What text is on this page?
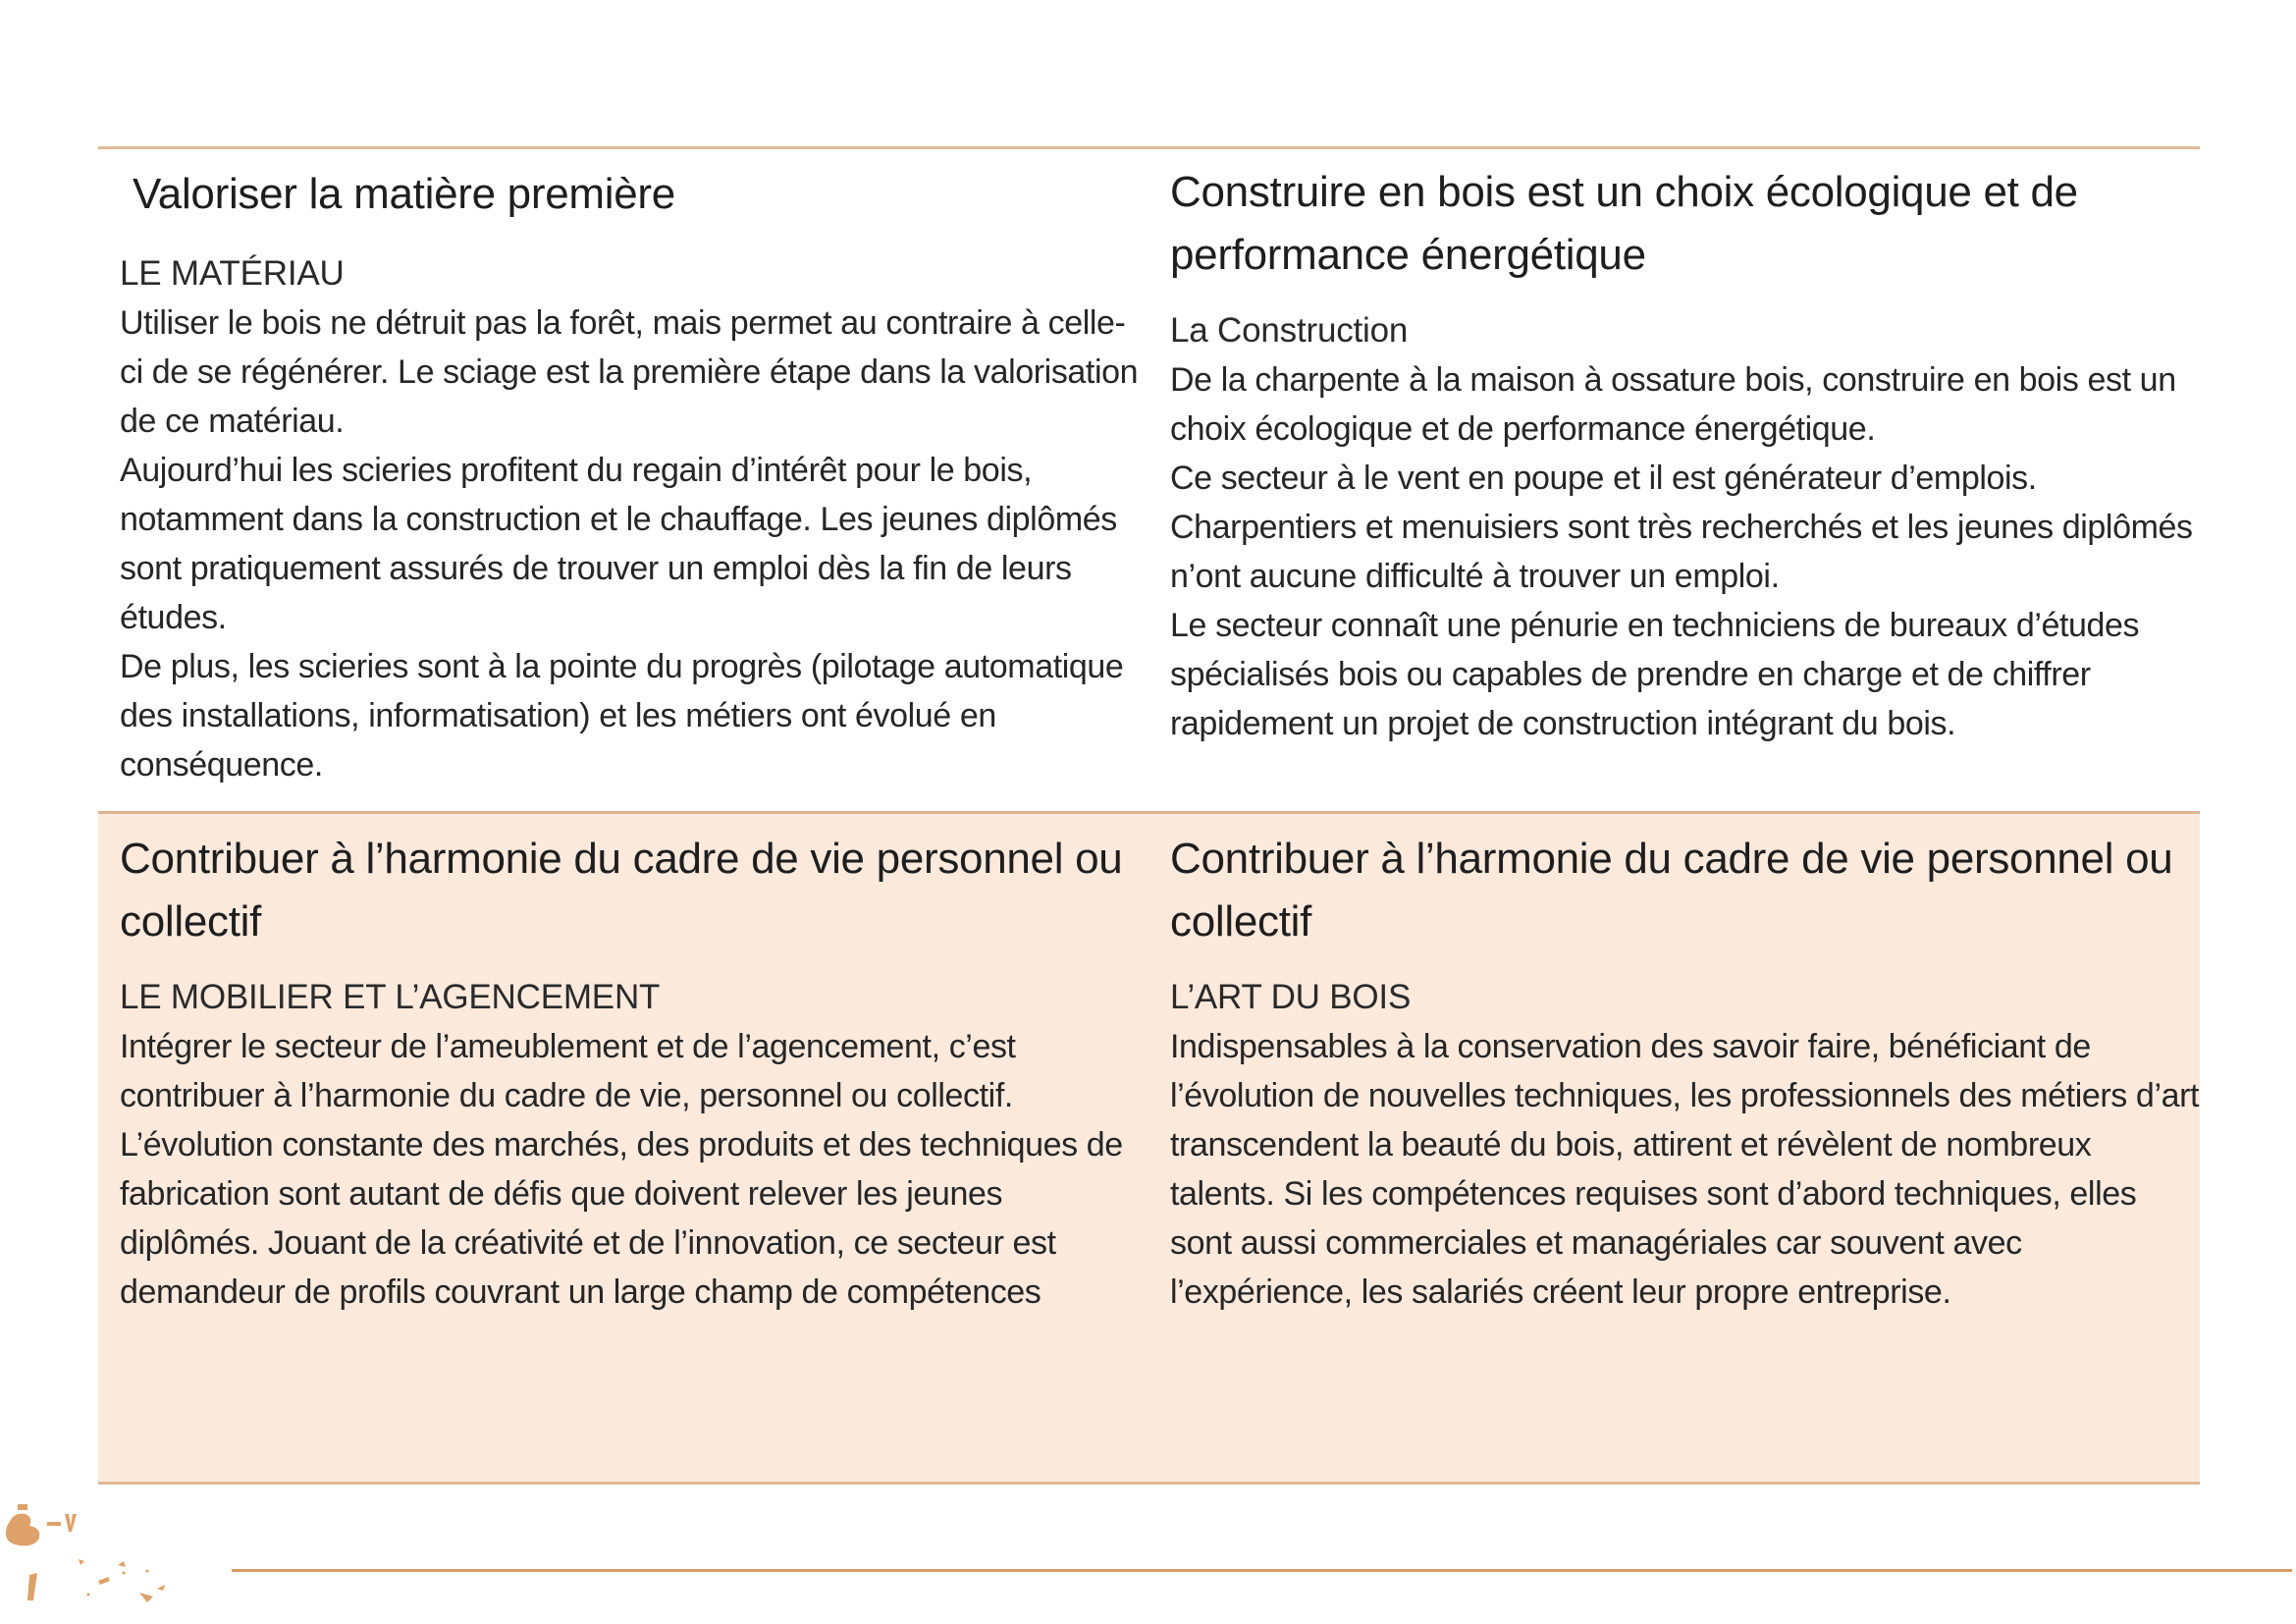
Valoriser la matière première

LE MATÉRIAU

Utiliser le bois ne détruit pas la forêt, mais permet au contraire à celle-ci de se régénérer. Le sciage est la première étape dans la valorisation de ce matériau.

Aujourd’hui les scieries profitent du regain d’intérêt pour le bois, notamment dans la construction et le chauffage. Les jeunes diplômés sont pratiquement assurés de trouver un emploi dès la fin de leurs études.

De plus, les scieries sont à la pointe du progrès (pilotage automatique des installations, informatisation) et les métiers ont évolué en conséquence.

Construire en bois est un choix écologique et de performance énergétique

La Construction

De la charpente à la maison à ossature bois, construire en bois est un choix écologique et de performance énergétique.

Ce secteur à le vent en poupe et il est générateur d’emplois.

Charpentiers et menuisiers sont très recherchés et les jeunes diplômés n’ont aucune difficulté à trouver un emploi.

Le secteur connaît une pénurie en techniciens de bureaux d’études spécialisés bois ou capables de prendre en charge et de chiffrer rapidement un projet de construction intégrant du bois.

Contribuer à l’harmonie du cadre de vie personnel ou collectif

LE MOBILIER ET L’AGENCEMENT

Intégrer le secteur de l’ameublement et de l’agencement, c’est contribuer à l’harmonie du cadre de vie, personnel ou collectif. L’évolution constante des marchés, des produits et des techniques de fabrication sont autant de défis que doivent relever les jeunes diplômés. Jouant de la créativité et de l’innovation, ce secteur est demandeur de profils couvrant un large champ de compétences

Contribuer à l’harmonie du cadre de vie personnel ou collectif

L’ART DU BOIS

Indispensables à la conservation des savoir faire, bénéficiant de l’évolution de nouvelles techniques, les professionnels des métiers d’art transcendent la beauté du bois, attirent et révèlent de nombreux talents. Si les compétences requises sont d’abord techniques, elles sont aussi commerciales et managériales car souvent avec l’expérience, les salariés créent leur propre entreprise.
